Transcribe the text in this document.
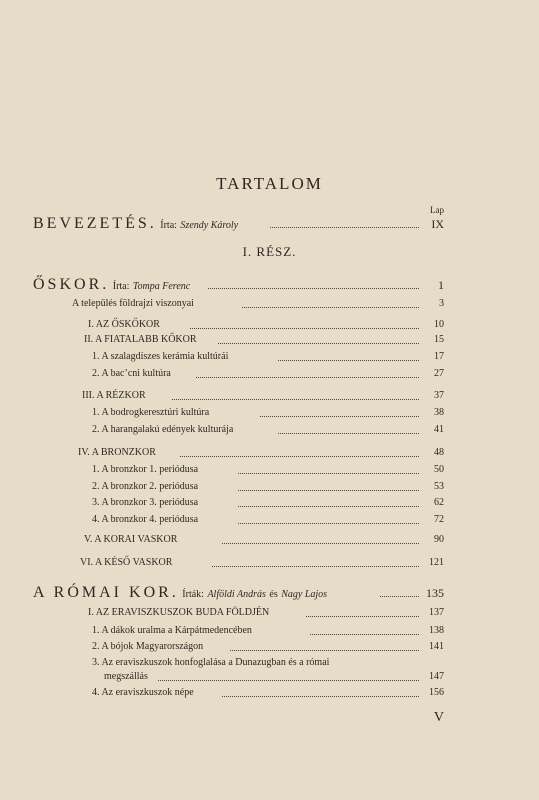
TARTALOM
Lap
BEVEZETÉS. Írta: Szendy Károly	IX
I. RÉSZ.
ŐSKOR. Írta: Tompa Ferenc	1
A település földrajzi viszonyai	3
I. AZ ŐSKŐKOR	10
II. A FIATALABB KŐKOR	15
1. A szalagdíszes kerámia kultúrái	17
2. A bacʼcni kultúra	27
III. A RÉZKOR	37
1. A bodrogkeresztúri kultúra	38
2. A harangalakú edények kulturája	41
IV. A BRONZKOR	48
1. A bronzkor 1. periódusa	50
2. A bronzkor 2. periódusa	53
3. A bronzkor 3. periódusa	62
4. A bronzkor 4. periódusa	72
V. A KORAI VASKOR	90
VI. A KÉSŐ VASKOR	121
A RÓMAI KOR. Írták: Alföldi András és Nagy Lajos	135
I. AZ ERAVISZKUSZOK BUDA FÖLDJÉN	137
1. A dákok uralma a Kárpátmedencében	138
2. A bójok Magyarországon	141
3. Az eraviszkuszok honfoglalása a Dunazugban és a római
megszállás	147
4. Az eraviszkuszok népe	156
V
